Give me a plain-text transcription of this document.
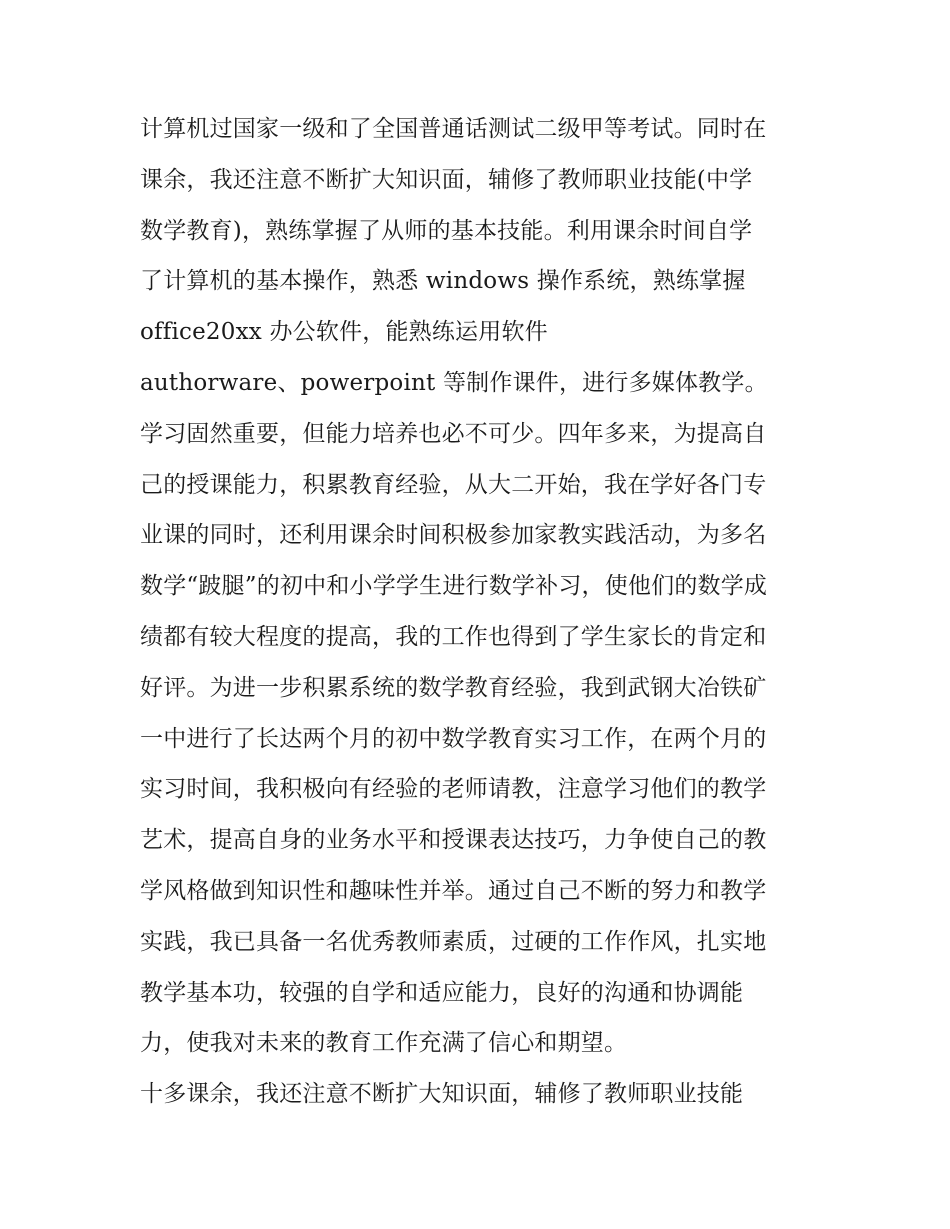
计算机过国家一级和了全国普通话测试二级甲等考试。同时在
课余，我还注意不断扩大知识面，辅修了教师职业技能(中学
数学教育)，熟练掌握了从师的基本技能。利用课余时间自学
了计算机的基本操作，熟悉 windows 操作系统，熟练掌握
office20xx 办公软件，能熟练运用软件
authorware、powerpoint 等制作课件，进行多媒体教学。
学习固然重要，但能力培养也必不可少。四年多来，为提高自
己的授课能力，积累教育经验，从大二开始，我在学好各门专
业课的同时，还利用课余时间积极参加家教实践活动，为多名
数学“跛腿”的初中和小学学生进行数学补习，使他们的数学成
绩都有较大程度的提高，我的工作也得到了学生家长的肯定和
好评。为进一步积累系统的数学教育经验，我到武钢大冶铁矿
一中进行了长达两个月的初中数学教育实习工作，在两个月的
实习时间，我积极向有经验的老师请教，注意学习他们的教学
艺术，提高自身的业务水平和授课表达技巧，力争使自己的教
学风格做到知识性和趣味性并举。通过自己不断的努力和教学
实践，我已具备一名优秀教师素质，过硬的工作作风，扎实地
教学基本功，较强的自学和适应能力，良好的沟通和协调能
力，使我对未来的教育工作充满了信心和期望。
十多课余，我还注意不断扩大知识面，辅修了教师职业技能
